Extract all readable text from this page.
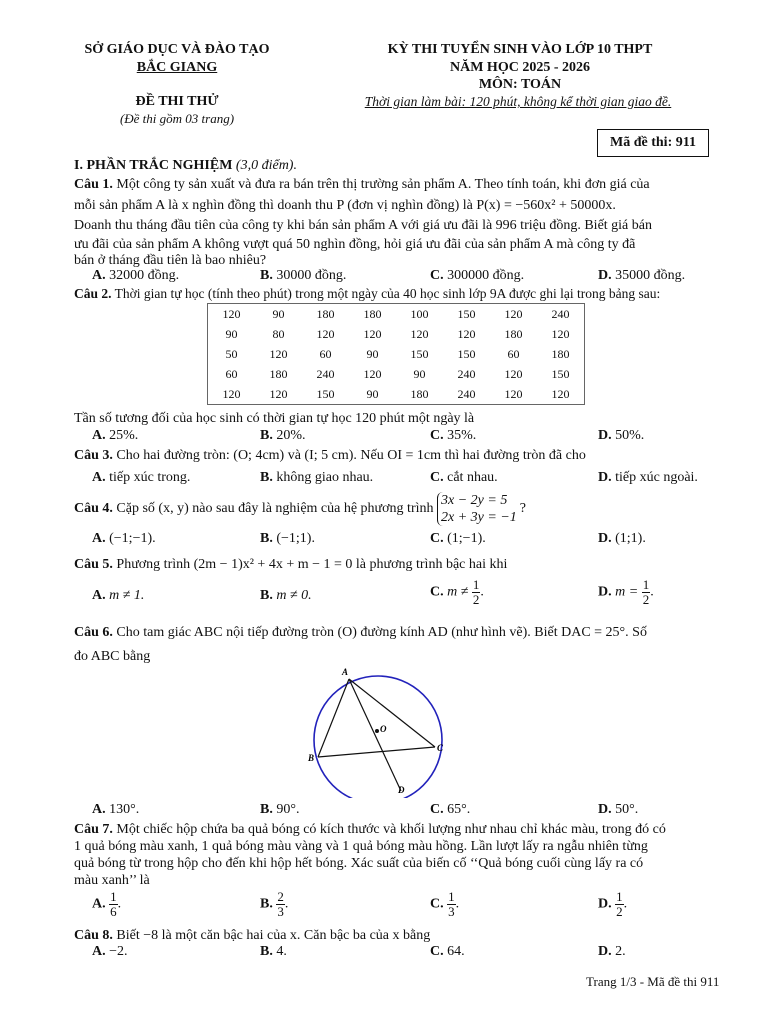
SỞ GIÁO DỤC VÀ ĐÀO TẠO
BẮC GIANG
ĐỀ THI THỬ
(Đề thi gồm 03 trang)
KỲ THI TUYỂN SINH VÀO LỚP 10 THPT
NĂM HỌC 2025 - 2026
MÔN: TOÁN
Thời gian làm bài: 120 phút, không kể thời gian giao đề.
Mã đề thi: 911
I. PHẦN TRẮC NGHIỆM (3,0 điểm).
Câu 1. Một công ty sản xuất và đưa ra bán trên thị trường sản phẩm A. Theo tính toán, khi đơn giá của
mỗi sản phẩm A là x nghìn đồng thì doanh thu P (đơn vị nghìn đồng) là P(x) = −560x² + 50000x.
Doanh thu tháng đầu tiên của công ty khi bán sản phẩm A với giá ưu đãi là 996 triệu đồng. Biết giá bán
ưu đãi của sản phẩm A không vượt quá 50 nghìn đồng, hỏi giá ưu đãi của sản phẩm A mà công ty đã
bán ở tháng đầu tiên là bao nhiêu?
A. 32000 đồng.	B. 30000 đồng.	C. 300000 đồng.	D. 35000 đồng.
Câu 2. Thời gian tự học (tính theo phút) trong một ngày của 40 học sinh lớp 9A được ghi lại trong bảng sau:
120	90	180	180	100	150	120	240
90	80	120	120	120	120	180	120
50	120	60	90	150	150	60	180
60	180	240	120	90	240	120	150
120	120	150	90	180	240	120	120
Tần số tương đối của học sinh có thời gian tự học 120 phút một ngày là
A. 25%.	B. 20%.	C. 35%.	D. 50%.
Câu 3. Cho hai đường tròn: (O; 4cm) và (I; 5 cm). Nếu OI = 1cm thì hai đường tròn đã cho
A. tiếp xúc trong.	B. không giao nhau.	C. cắt nhau.	D. tiếp xúc ngoài.
Câu 4. Cặp số (x, y) nào sau đây là nghiệm của hệ phương trình
3x − 2y = 5
2x + 3y = −1
?
A. (−1;−1).	B. (−1;1).	C. (1;−1).	D. (1;1).
Câu 5. Phương trình (2m − 1)x² + 4x + m − 1 = 0 là phương trình bậc hai khi
A. m ≠ 1.	B. m ≠ 0.	C. $m \ne \frac{1}{2}$ .	D. $m = \frac{1}{2}$ .
Câu 6. Cho tam giác ABC nội tiếp đường tròn (O) đường kính AD (như hình vẽ). Biết DAC = 25°. Số
đo ABC bằng
A
B
C
D
O
A. 130°.	B. 90°.	C. 65°.	D. 50°.
Câu 7. Một chiếc hộp chứa ba quả bóng có kích thước và khối lượng như nhau chỉ khác màu, trong đó có
1 quả bóng màu xanh, 1 quả bóng màu vàng và 1 quả bóng màu hồng. Lần lượt lấy ra ngẫu nhiên từng
quả bóng từ trong hộp cho đến khi hộp hết bóng. Xác suất của biến cố ‘‘Quả bóng cuối cùng lấy ra có
màu xanh’’ là
A. $\frac{1}{6}$ .	B. $\frac{2}{3}$ .	C. $\frac{1}{3}$ .	D. $\frac{1}{2}$ .
Câu 8. Biết −8 là một căn bậc hai của x. Căn bậc ba của x bằng
A. −2.	B. 4.	C. 64.	D. 2.
Trang 1/3 - Mã đề thi 911
